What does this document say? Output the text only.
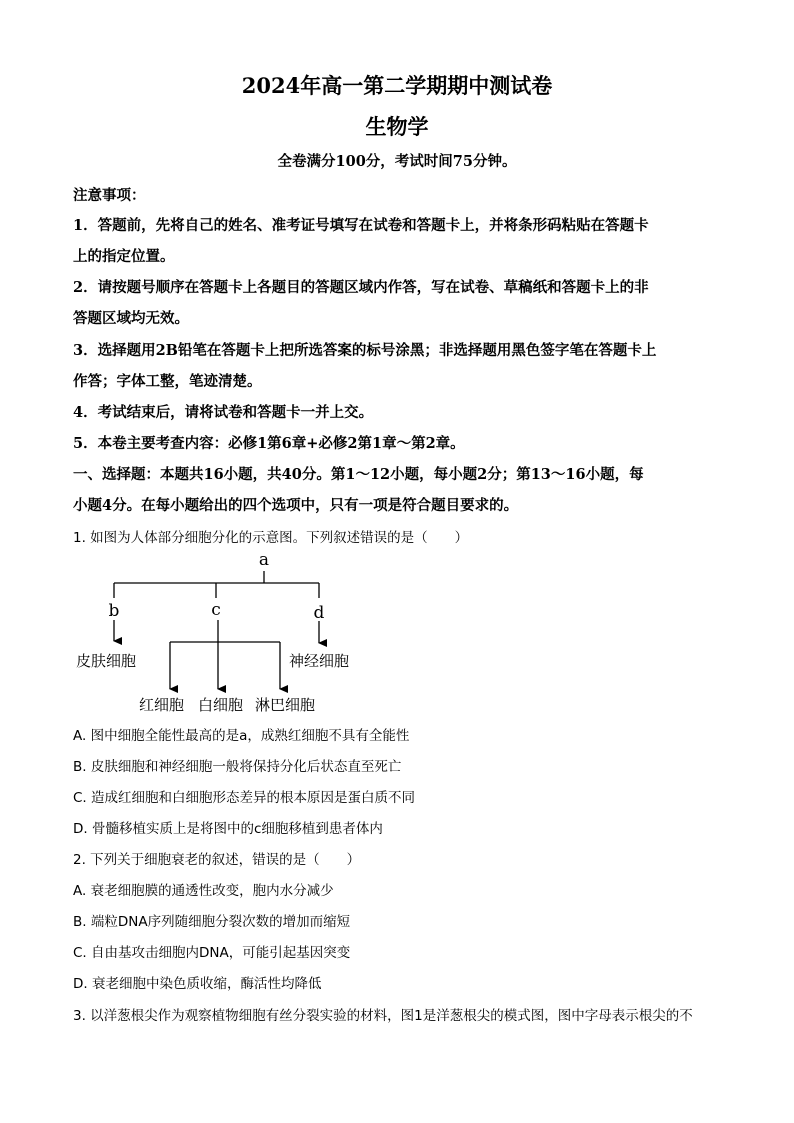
2024年高一第二学期期中测试卷
生物学
全卷满分100分，考试时间75分钟。
注意事项：
1．答题前，先将自己的姓名、准考证号填写在试卷和答题卡上，并将条形码粘贴在答题卡
上的指定位置。
2．请按题号顺序在答题卡上各题目的答题区域内作答，写在试卷、草稿纸和答题卡上的非
答题区域均无效。
3．选择题用2B铅笔在答题卡上把所选答案的标号涂黑；非选择题用黑色签字笔在答题卡上
作答；字体工整，笔迹清楚。
4．考试结束后，请将试卷和答题卡一并上交。
5．本卷主要考查内容：必修1第6章+必修2第1章～第2章。
一、选择题：本题共16小题，共40分。第1～12小题，每小题2分；第13～16小题，每
小题4分。在每小题给出的四个选项中，只有一项是符合题目要求的。
1. 如图为人体部分细胞分化的示意图。下列叙述错误的是（　　）
a
b	c	d
皮肤细胞	神经细胞
红细胞 白细胞 淋巴细胞
A. 图中细胞全能性最高的是a，成熟红细胞不具有全能性
B. 皮肤细胞和神经细胞一般将保持分化后状态直至死亡
C. 造成红细胞和白细胞形态差异的根本原因是蛋白质不同
D. 骨髓移植实质上是将图中的c细胞移植到患者体内
2. 下列关于细胞衰老的叙述，错误的是（　　）
A. 衰老细胞膜的通透性改变，胞内水分减少
B. 端粒DNA序列随细胞分裂次数的增加而缩短
C. 自由基攻击细胞内DNA，可能引起基因突变
D. 衰老细胞中染色质收缩，酶活性均降低
3. 以洋葱根尖作为观察植物细胞有丝分裂实验的材料，图1是洋葱根尖的模式图，图中字母表示根尖的不
